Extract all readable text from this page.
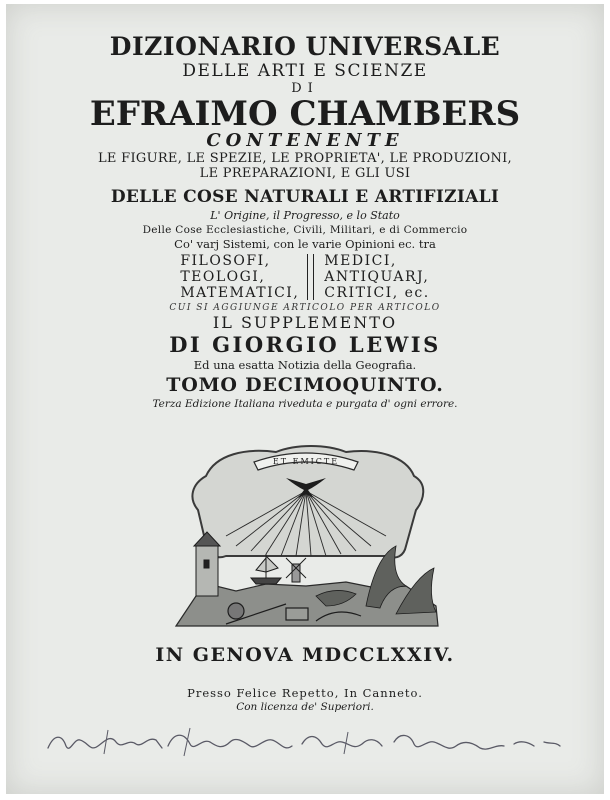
DIZIONARIO UNIVERSALE
DELLE ARTI E SCIENZE
DI
EFRAIMO CHAMBERS
CONTENENTE
LE FIGURE, LE SPEZIE, LE PROPRIETA', LE PRODUZIONI,
LE PREPARAZIONI, E GLI USI
DELLE COSE NATURALI E ARTIFIZIALI
L' Origine, il Progresso, e lo Stato
Delle Cose Ecclesiastiche, Civili, Militari, e di Commercio
Co' varj Sistemi, con le varie Opinioni ec. tra
FILOSOFI,
TEOLOGI,
MATEMATICI,
MEDICI,
ANTIQUARJ,
CRITICI, ec.
CUI SI AGGIUNGE ARTICOLO PER ARTICOLO
IL SUPPLEMENTO
DI GIORGIO LEWIS
Ed una esatta Notizia della Geografia.
TOMO DECIMOQUINTO.
Terza Edizione Italiana riveduta e purgata d' ogni errore.
ET EMICTE
IN GENOVA MDCCLXXIV.
Presso Felice Repetto, In Canneto.
Con licenza de' Superiori.
